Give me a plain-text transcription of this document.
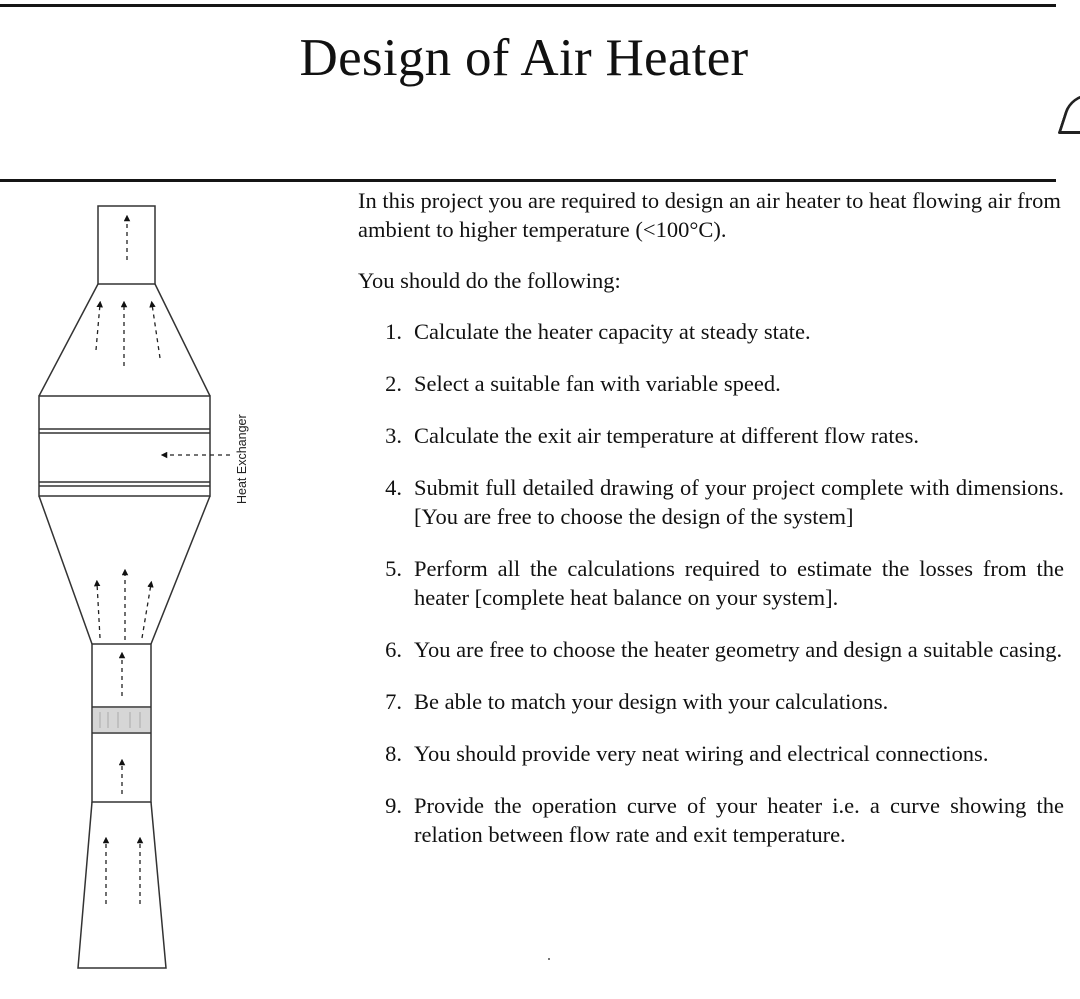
Design of Air Heater
Heat Exchanger

In this project you are required to design an air heater to heat flowing air from ambient to higher temperature (<100°C).

You should do the following:

1. Calculate the heater capacity at steady state.
2. Select a suitable fan with variable speed.
3. Calculate the exit air temperature at different flow rates.
4. Submit full detailed drawing of your project complete with dimensions. [You are free to choose the design of the system]
5. Perform all the calculations required to estimate the losses from the heater [complete heat balance on your system].
6. You are free to choose the heater geometry and design a suitable casing.
7. Be able to match your design with your calculations.
8. You should provide very neat wiring and electrical connections.
9. Provide the operation curve of your heater i.e. a curve showing the relation between flow rate and exit temperature.
